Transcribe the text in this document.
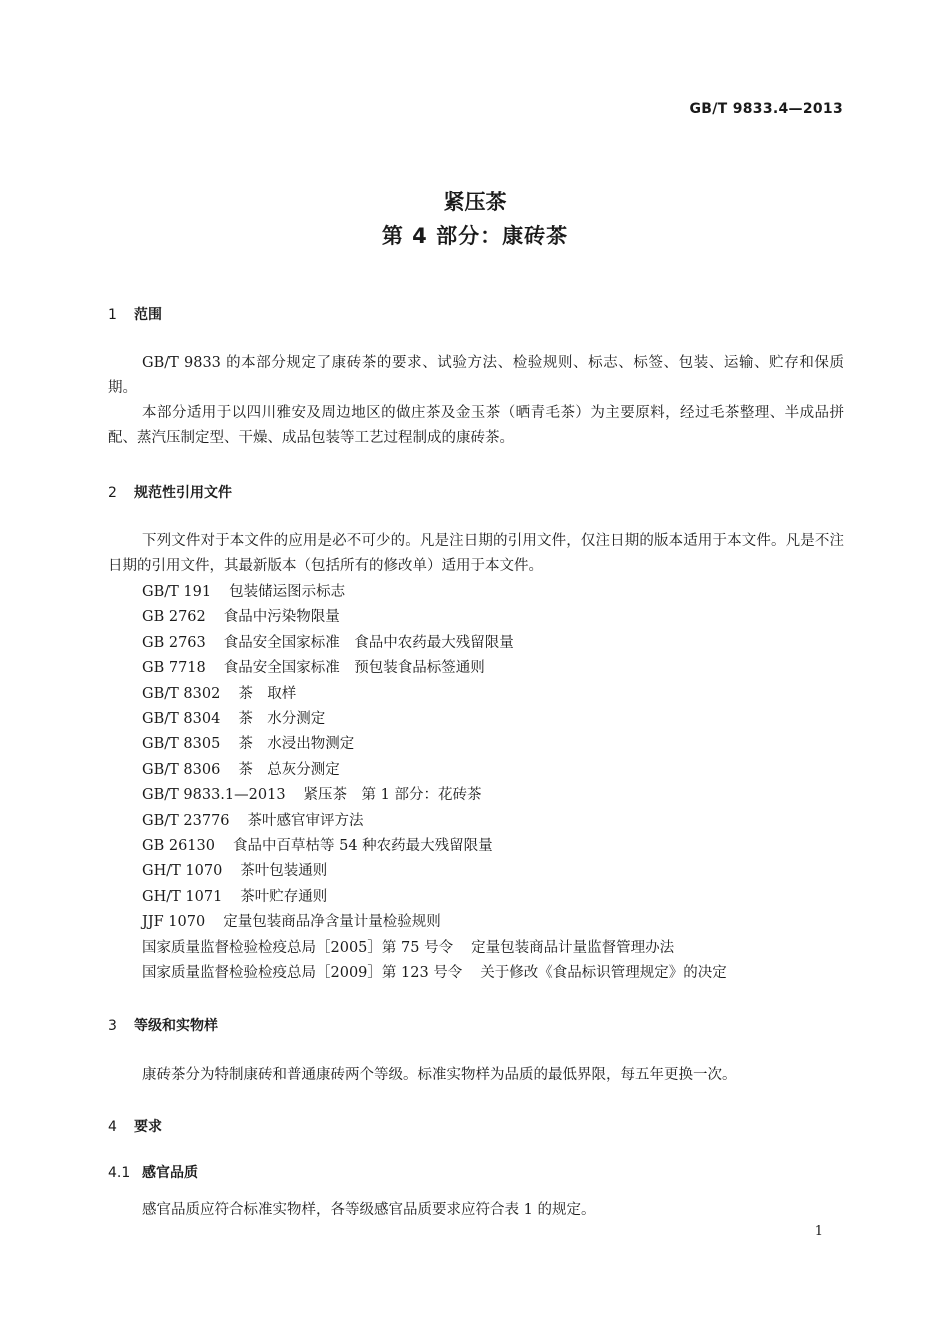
GB/T 9833.4—2013
紧压茶
第 4 部分：康砖茶
1 范围
GB/T 9833 的本部分规定了康砖茶的要求、试验方法、检验规则、标志、标签、包装、运输、贮存和保质期。
本部分适用于以四川雅安及周边地区的做庄茶及金玉茶（晒青毛茶）为主要原料，经过毛茶整理、半成品拼配、蒸汽压制定型、干燥、成品包装等工艺过程制成的康砖茶。
2 规范性引用文件
下列文件对于本文件的应用是必不可少的。凡是注日期的引用文件，仅注日期的版本适用于本文件。凡是不注日期的引用文件，其最新版本（包括所有的修改单）适用于本文件。
GB/T 191 包装储运图示标志
GB 2762 食品中污染物限量
GB 2763 食品安全国家标准　食品中农药最大残留限量
GB 7718 食品安全国家标准　预包装食品标签通则
GB/T 8302 茶　取样
GB/T 8304 茶　水分测定
GB/T 8305 茶　水浸出物测定
GB/T 8306 茶　总灰分测定
GB/T 9833.1—2013 紧压茶　第 1 部分：花砖茶
GB/T 23776 茶叶感官审评方法
GB 26130 食品中百草枯等 54 种农药最大残留限量
GH/T 1070 茶叶包装通则
GH/T 1071 茶叶贮存通则
JJF 1070 定量包装商品净含量计量检验规则
国家质量监督检验检疫总局［2005］第 75 号令 定量包装商品计量监督管理办法
国家质量监督检验检疫总局［2009］第 123 号令 关于修改《食品标识管理规定》的决定
3 等级和实物样
康砖茶分为特制康砖和普通康砖两个等级。标准实物样为品质的最低界限，每五年更换一次。
4 要求
4.1 感官品质
感官品质应符合标准实物样，各等级感官品质要求应符合表 1 的规定。
1
